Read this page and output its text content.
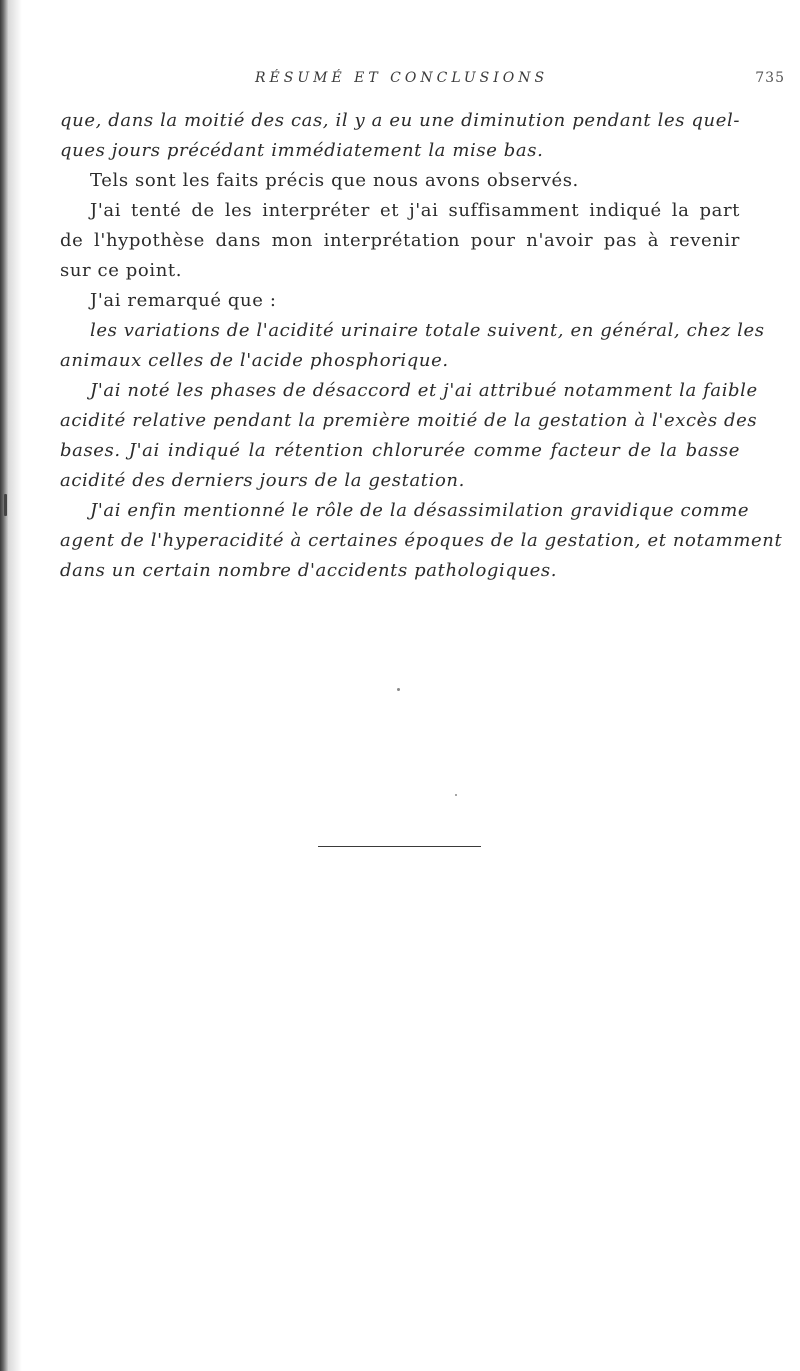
RÉSUMÉ ET CONCLUSIONS	735
que, dans la moitié des cas, il y a eu une diminution pendant les quel-
ques jours précédant immédiatement la mise bas.
Tels sont les faits précis que nous avons observés.
J'ai tenté de les interpréter et j'ai suffisamment indiqué la part
de l'hypothèse dans mon interprétation pour n'avoir pas à revenir
sur ce point.
J'ai remarqué que :
les variations de l'acidité urinaire totale suivent, en général, chez les
animaux celles de l'acide phosphorique.
J'ai noté les phases de désaccord et j'ai attribué notamment la faible
acidité relative pendant la première moitié de la gestation à l'excès des
bases. J'ai indiqué la rétention chlorurée comme facteur de la basse
acidité des derniers jours de la gestation.
J'ai enfin mentionné le rôle de la désassimilation gravidique comme
agent de l'hyperacidité à certaines époques de la gestation, et notamment
dans un certain nombre d'accidents pathologiques.
